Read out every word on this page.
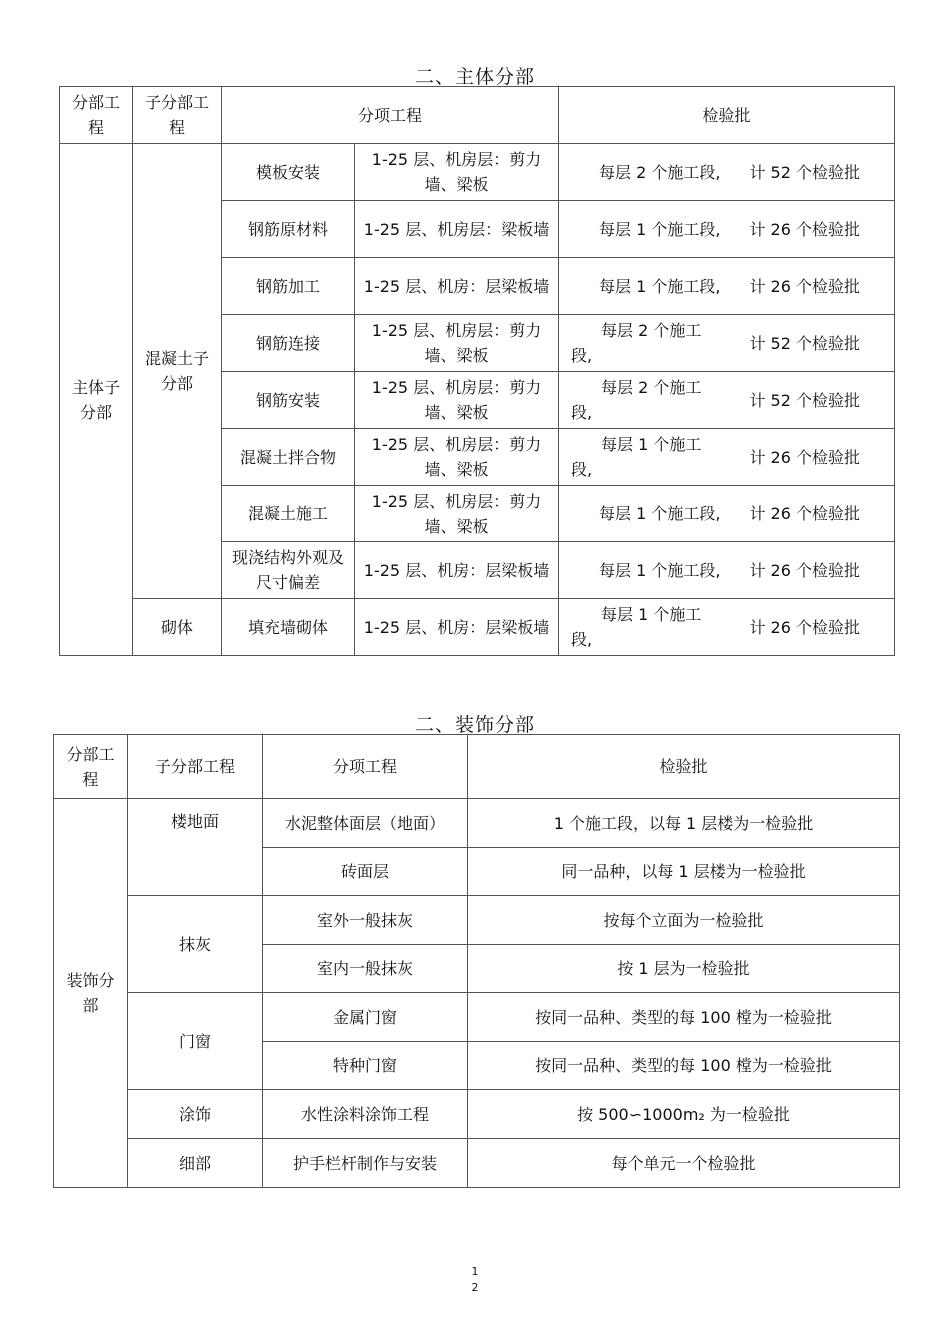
二、主体分部
分部工程	子分部工程	分项工程		检验批
主体子分部	混凝土子分部	模板安装	1-25 层、机房层：剪力墙、梁板	每层 2 个施工段, 计 52 个检验批

		钢筋原材料	1-25 层、机房层：梁板墙	每层 1 个施工段, 计 26 个检验批

		钢筋加工	1-25 层、机房：层梁板墙	每层 1 个施工段, 计 26 个检验批

		钢筋连接	1-25 层、机房层：剪力墙、梁板	每层 2 个施工段,
计 52 个检验批

		钢筋安装	1-25 层、机房层：剪力墙、梁板	每层 2 个施工段,
计 52 个检验批

		混凝土拌合物	1-25 层、机房层：剪力墙、梁板	每层 1 个施工段,
计 26 个检验批

		混凝土施工	1-25 层、机房层：剪力墙、梁板	每层 1 个施工段, 计 26 个检验批

		现浇结构外观及尺寸偏差	1-25 层、机房：层梁板墙	每层 1 个施工段, 计 26 个检验批

	砌体	填充墙砌体	1-25 层、机房：层梁板墙	每层 1 个施工段,
计 26 个检验批
二、装饰分部
分部工程	子分部工程	分项工程	检验批
装饰分部	楼地面	水泥整体面层（地面）	1 个施工段，以每 1 层楼为一检验批
		砖面层	同一品种，以每 1 层楼为一检验批
	抹灰	室外一般抹灰	按每个立面为一检验批
		室内一般抹灰	按 1 层为一检验批
	门窗	金属门窗	按同一品种、类型的每 100 樘为一检验批
		特种门窗	按同一品种、类型的每 100 樘为一检验批
	涂饰	水性涂料涂饰工程	按 500∽1000m₂ 为一检验批
	细部	护手栏杆制作与安装	每个单元一个检验批
1
2
